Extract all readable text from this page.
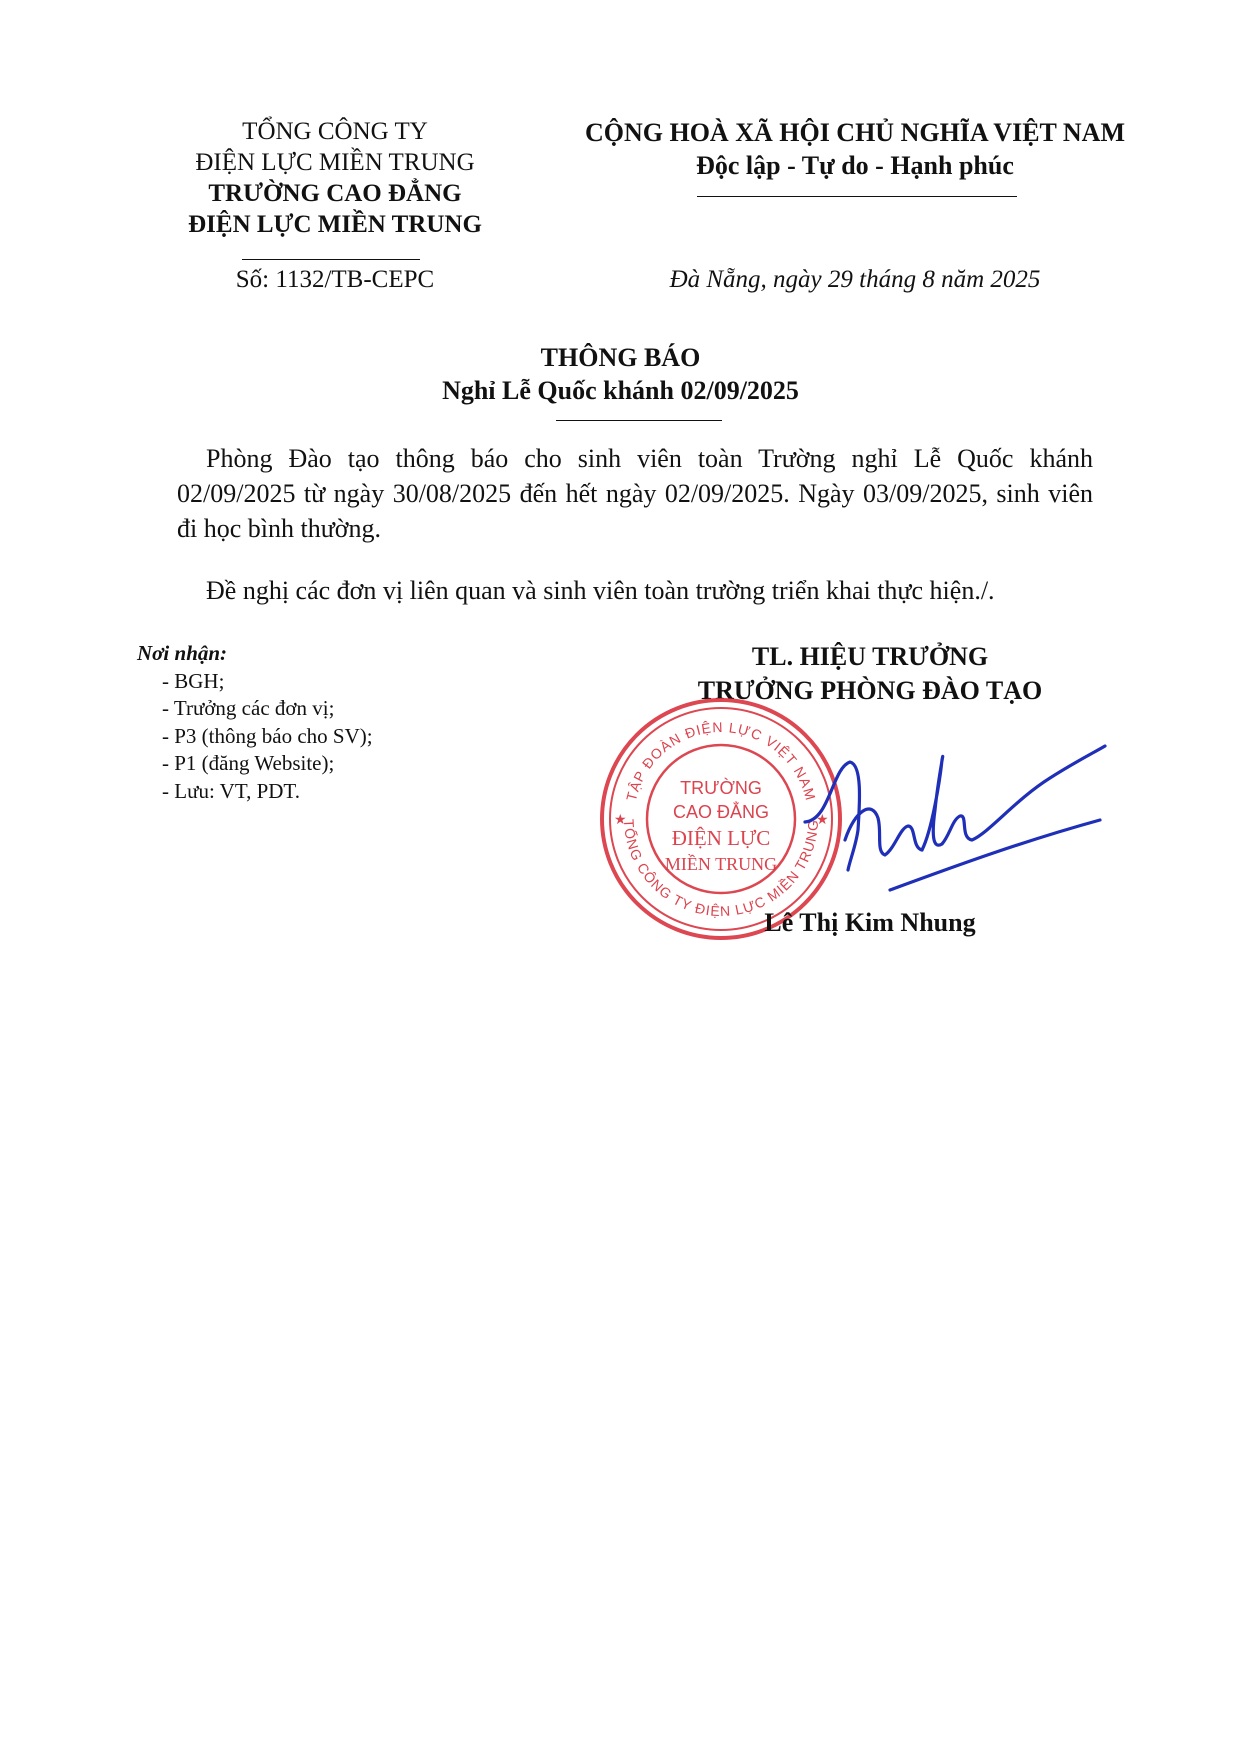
TỔNG CÔNG TY
ĐIỆN LỰC MIỀN TRUNG
TRƯỜNG CAO ĐẲNG
ĐIỆN LỰC MIỀN TRUNG
CỘNG HOÀ XÃ HỘI CHỦ NGHĨA VIỆT NAM
Độc lập - Tự do - Hạnh phúc
Số: 1132/TB-CEPC	Đà Nẵng, ngày 29 tháng 8 năm 2025
THÔNG BÁO
Nghỉ Lễ Quốc khánh 02/09/2025
Phòng Đào tạo thông báo cho sinh viên toàn Trường nghỉ Lễ Quốc khánh 02/09/2025 từ ngày 30/08/2025 đến hết ngày 02/09/2025. Ngày 03/09/2025, sinh viên đi học bình thường.
Đề nghị các đơn vị liên quan và sinh viên toàn trường triển khai thực hiện./.
Nơi nhận:
- BGH;
- Trưởng các đơn vị;
- P3 (thông báo cho SV);
- P1 (đăng Website);
- Lưu: VT, PDT.
TL. HIỆU TRƯỞNG
TRƯỞNG PHÒNG ĐÀO TẠO
TẬP ĐOÀN ĐIỆN LỰC VIỆT NAM
TỔNG CÔNG TY ĐIỆN LỰC MIỀN TRUNG
TRƯỜNG
CAO ĐẲNG
ĐIỆN LỰC
MIỀN TRUNG
★	★
Lê Thị Kim Nhung
